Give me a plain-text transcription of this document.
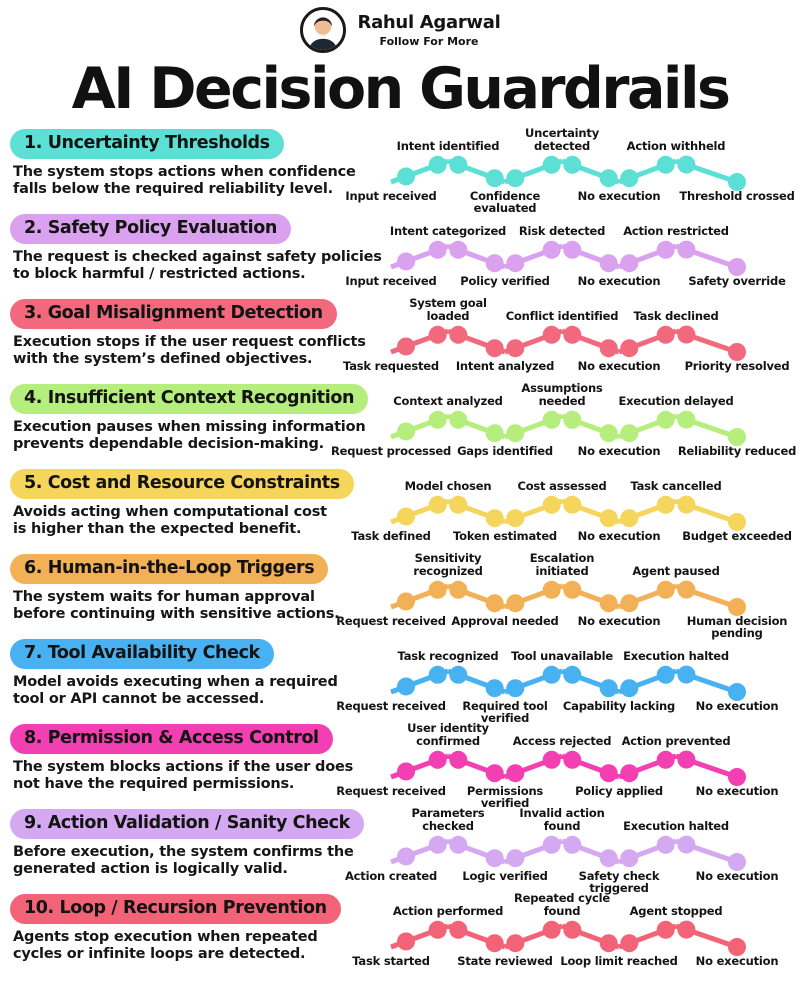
Rahul Agarwal
Follow For More
AI Decision Guardrails
1. Uncertainty Thresholds

The system stops actions when confidence
falls below the required reliability level.	Input received
Intent identified
Confidence evaluated
Uncertainty detected
No execution
Action withheld
Threshold crossed
2. Safety Policy Evaluation

The request is checked against safety policies
to block harmful / restricted actions.	Input received
Intent categorized
Policy verified
Risk detected
No execution
Action restricted
Safety override
3. Goal Misalignment Detection

Execution stops if the user request conflicts
with the system’s defined objectives.	Task requested
System goal loaded
Intent analyzed
Conflict identified
No execution
Task declined
Priority resolved
4. Insufficient Context Recognition

Execution pauses when missing information
prevents dependable decision-making. Request processed
Context analyzed
Gaps identified
Assumptions needed
No execution
Execution delayed
Reliability reduced
5. Cost and Resource Constraints

Avoids acting when computational cost
is higher than the expected benefit.	Task defined
Model chosen
Token estimated
Cost assessed
No execution
Task cancelled
Budget exceeded
6. Human-in-the-Loop Triggers

The system waits for human approval
before continuing with sensitive actions.

Request received
Sensitivity recognized
Approval needed
Escalation initiated
No execution
Agent paused
Human decision pending
7. Tool Availability Check

Model avoids executing when a required
tool or API cannot be accessed.	Request received
Task recognized
Required tool verified
Tool unavailable
Capability lacking
Execution halted
No execution
8. Permission & Access Control

The system blocks actions if the user does
not have the required permissions.	Request received
User identity confirmed
Permissions verified
Access rejected
Policy applied
Action prevented
No execution
9. Action Validation / Sanity Check

Before execution, the system confirms the
generated action is logically valid.	Action created
Parameters checked
Logic verified
Invalid action found
Safety check triggered
Execution halted
No execution
10. Loop / Recursion Prevention

Agents stop execution when repeated
cycles or infinite loops are detected.	Task started
Action performed
State reviewed
Repeated cycle found
Loop limit reached
Agent stopped
No execution
